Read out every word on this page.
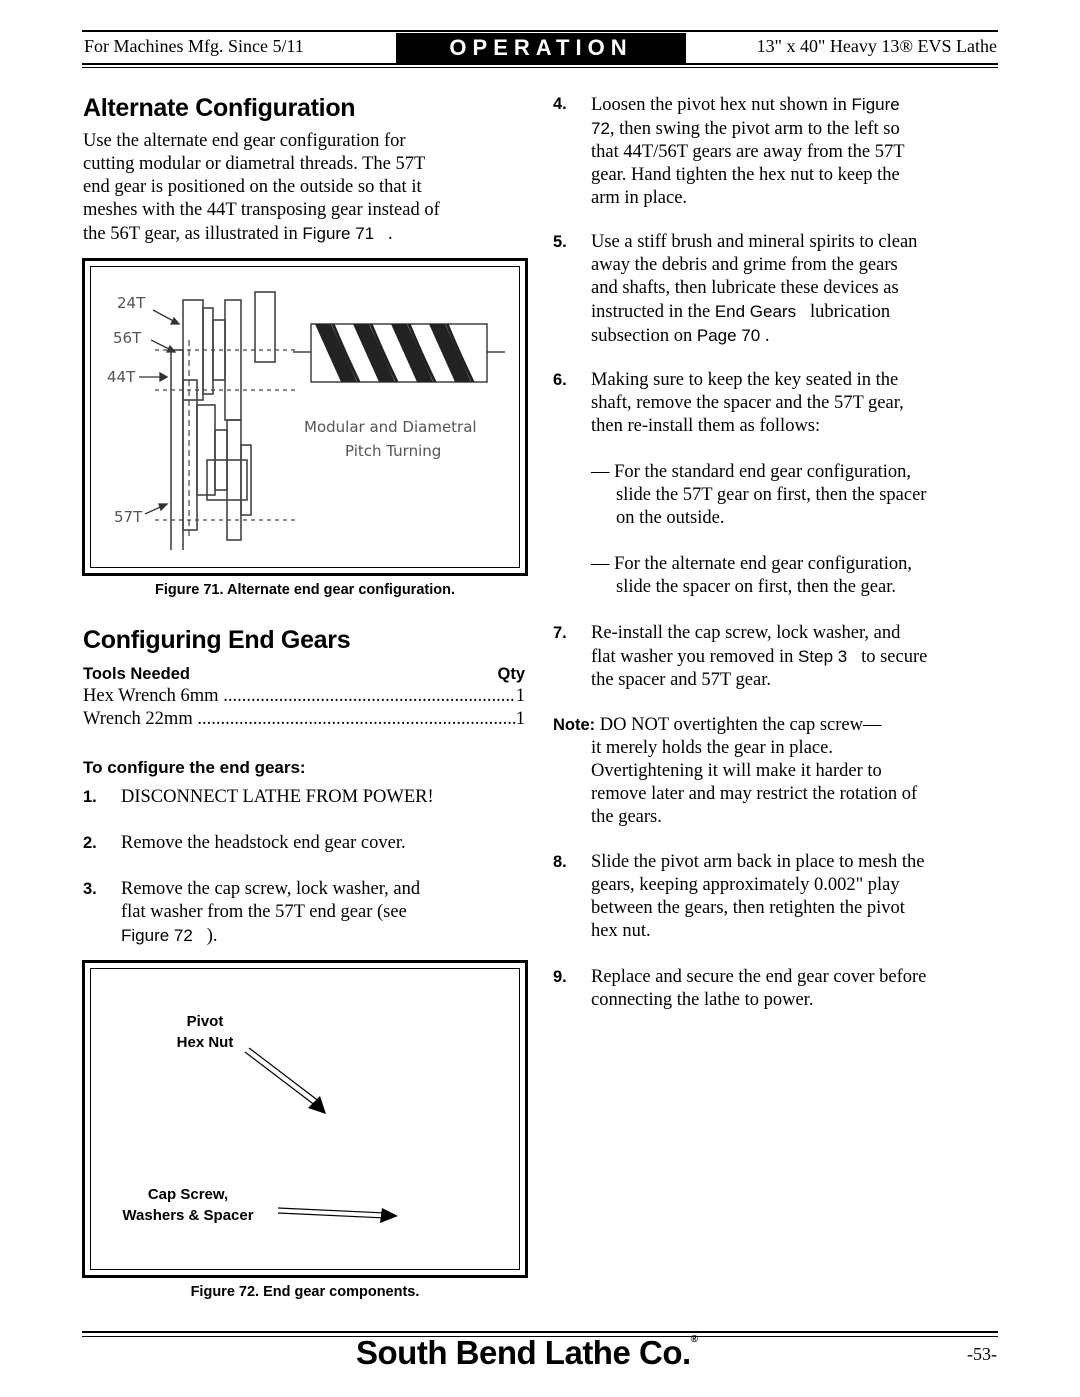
For Machines Mfg. Since 5/11	OPERATION	13" x 40" Heavy 13® EVS Lathe
Alternate Configuration
Use the alternate end gear configuration for
cutting modular or diametral threads. The 57T
end gear is positioned on the outside so that it
meshes with the 44T transposing gear instead of
the 56T gear, as illustrated in Figure 71 .
24T
56T
44T
57T
Modular and Diametral
Pitch Turning
Figure 71. Alternate end gear configuration.
Configuring End Gears
Tools Needed	Qty
Hex Wrench 6mm .....	1
Wrench 22mm .....	1
To configure the end gears:
1. DISCONNECT LATHE FROM POWER!
2. Remove the headstock end gear cover.
3. Remove the cap screw, lock washer, and
flat washer from the 57T end gear (see
Figure 72 ).
Pivot
Hex Nut
Cap Screw,
Washers & Spacer
Figure 72. End gear components.
4. Loosen the pivot hex nut shown in Figure
72, then swing the pivot arm to the left so
that 44T/56T gears are away from the 57T
gear. Hand tighten the hex nut to keep the
arm in place.
5. Use a stiff brush and mineral spirits to clean
away the debris and grime from the gears
and shafts, then lubricate these devices as
instructed in the End Gears   lubrication
subsection on Page 70 .
6. Making sure to keep the key seated in the
shaft, remove the spacer and the 57T gear,
then re-install them as follows:
— For the standard end gear configuration,
slide the 57T gear on first, then the spacer
on the outside.
— For the alternate end gear configuration,
slide the spacer on first, then the gear.
7. Re-install the cap screw, lock washer, and
flat washer you removed in Step 3   to secure
the spacer and 57T gear.
Note: DO NOT overtighten the cap screw—
it merely holds the gear in place.
Overtightening it will make it harder to
remove later and may restrict the rotation of
the gears.
8. Slide the pivot arm back in place to mesh the
gears, keeping approximately 0.002" play
between the gears, then retighten the pivot
hex nut.
9. Replace and secure the end gear cover before
connecting the lathe to power.
South Bend Lathe Co.®
-53-
